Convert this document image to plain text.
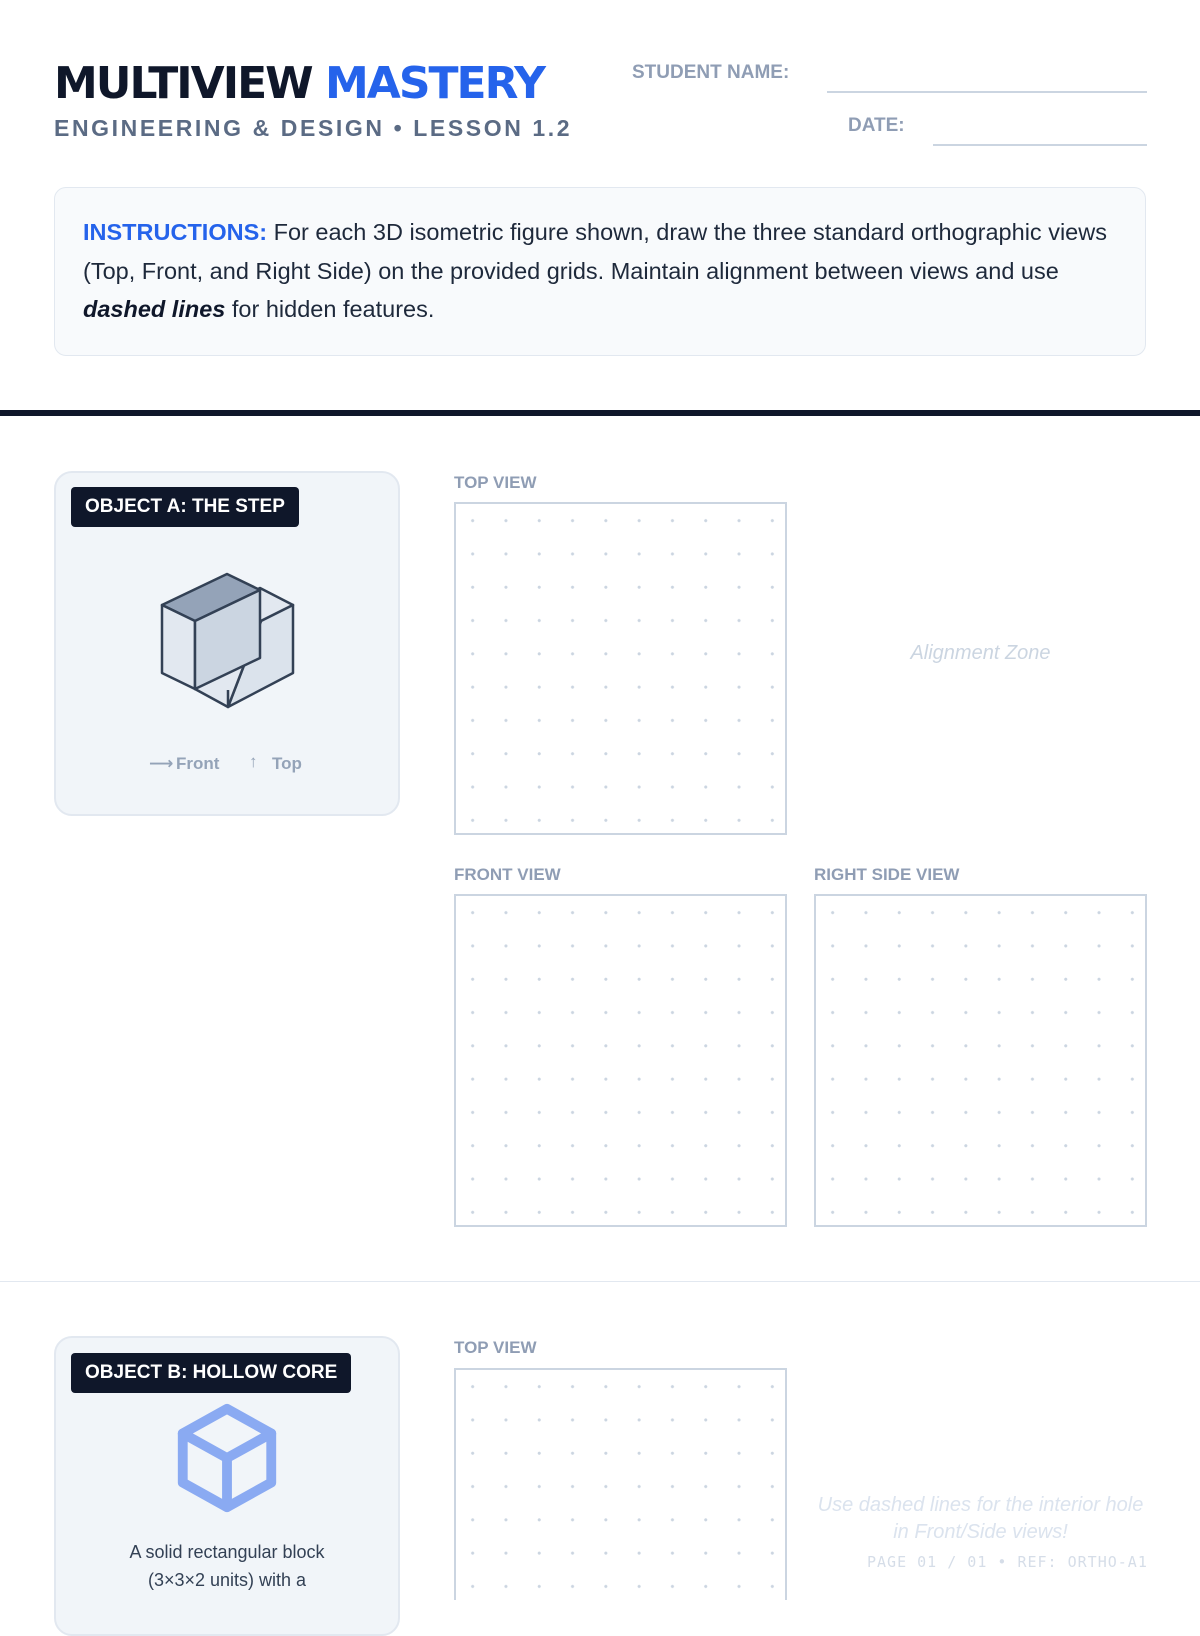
MULTIVIEW MASTERY
ENGINEERING & DESIGN • LESSON 1.2
STUDENT NAME:
DATE:
INSTRUCTIONS: For each 3D isometric figure shown, draw the three standard orthographic views (Top, Front, and Right Side) on the provided grids. Maintain alignment between views and use dashed lines for hidden features.
OBJECT A: THE STEP
⟶ Front ↑ Top
TOP VIEW
Alignment Zone
FRONT VIEW	RIGHT SIDE VIEW
OBJECT B: HOLLOW CORE
A solid rectangular block (3×3×2 units) with a
TOP VIEW
Use dashed lines for the interior hole in Front/Side views!
PAGE 01 / 01 • REF: ORTHO-A1
